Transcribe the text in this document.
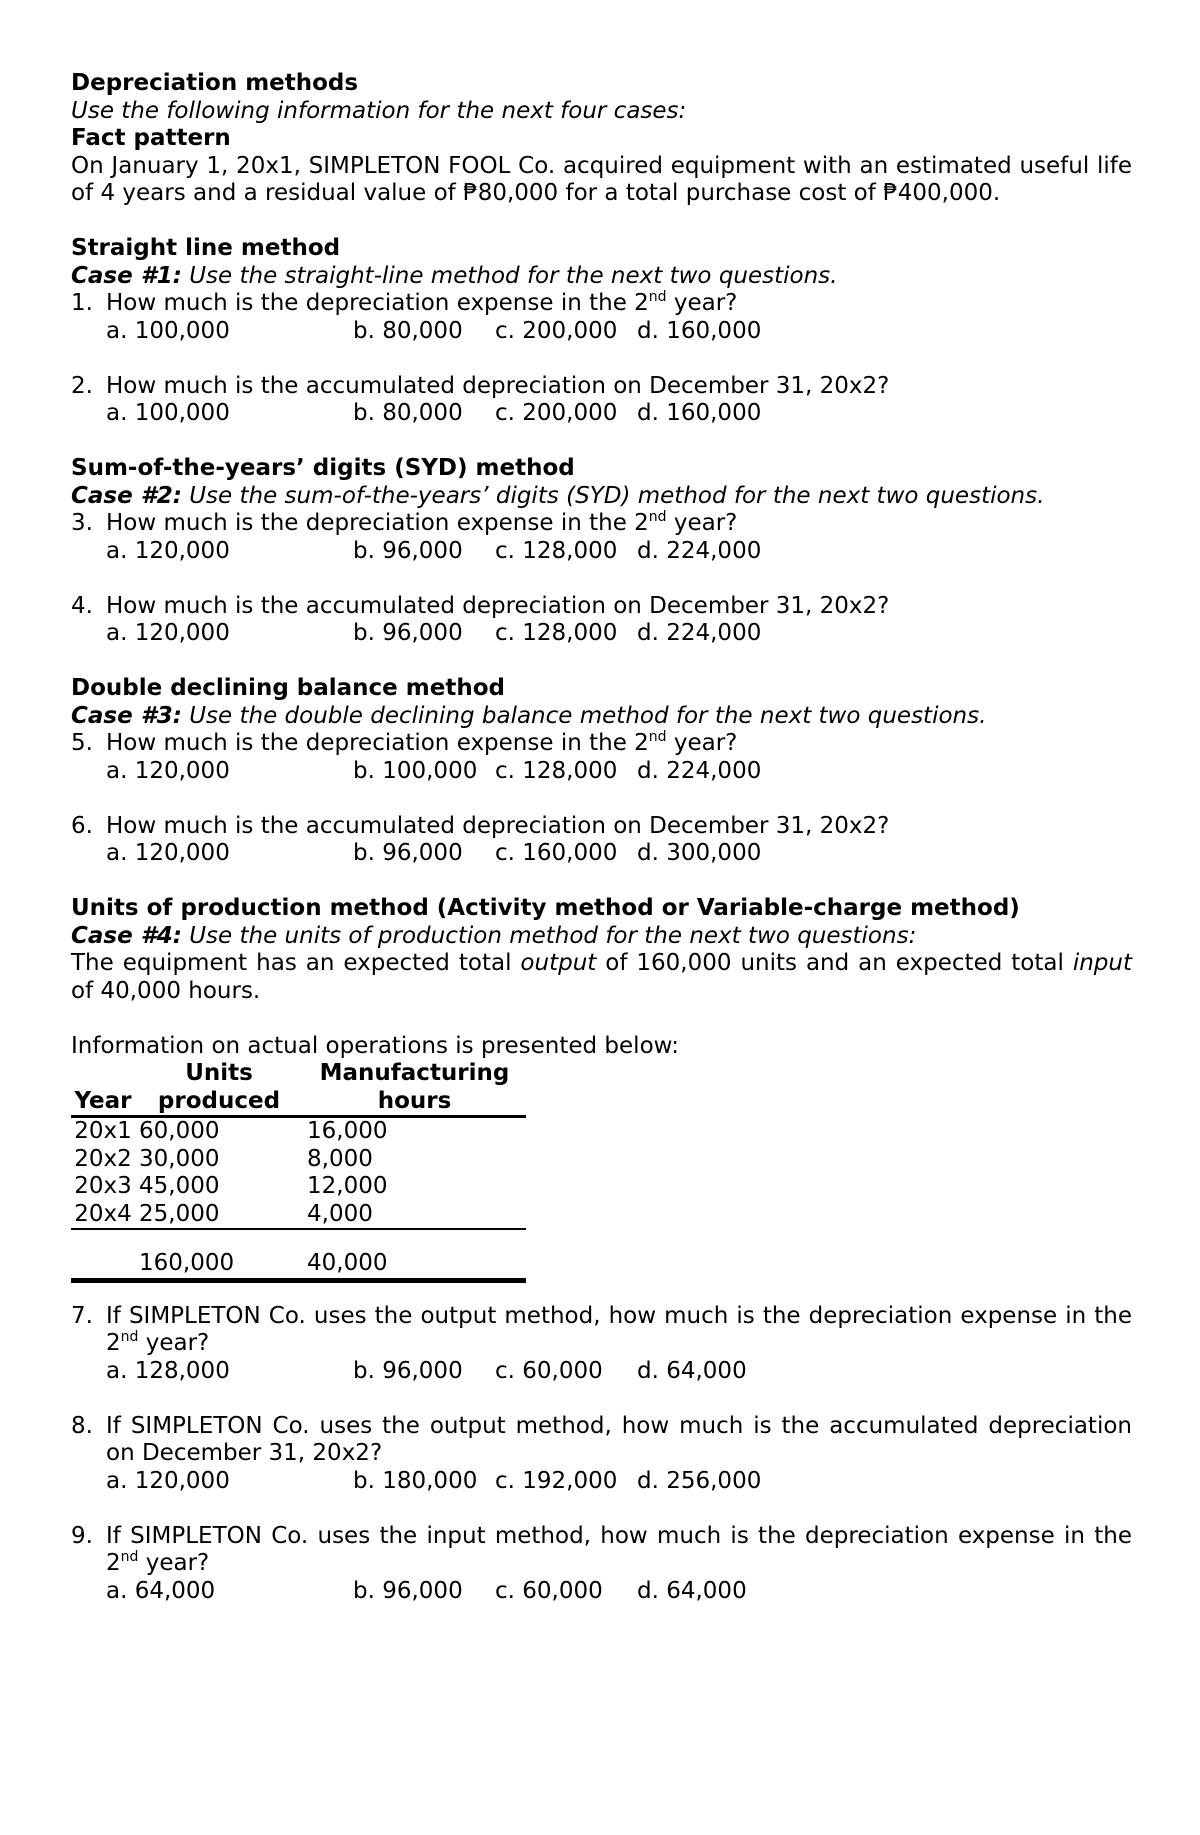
Depreciation methods
Use the following information for the next four cases:
Fact pattern
On January 1, 20x1, SIMPLETON FOOL Co. acquired equipment with an estimated useful life of 4 years and a residual value of ₱80,000 for a total purchase cost of ₱400,000.
Straight line method
Case #1: Use the straight-line method for the next two questions.
1. How much is the depreciation expense in the 2nd year?
a. 100,000	b. 80,000 c. 200,000 d. 160,000
2. How much is the accumulated depreciation on December 31, 20x2?
a. 100,000	b. 80,000 c. 200,000 d. 160,000
Sum-of-the-years’ digits (SYD) method
Case #2: Use the sum-of-the-years’ digits (SYD) method for the next two questions.
3. How much is the depreciation expense in the 2nd year?
a. 120,000	b. 96,000 c. 128,000 d. 224,000
4. How much is the accumulated depreciation on December 31, 20x2?
a. 120,000	b. 96,000 c. 128,000 d. 224,000
Double declining balance method
Case #3: Use the double declining balance method for the next two questions.
5. How much is the depreciation expense in the 2nd year?
a. 120,000	b. 100,000 c. 128,000 d. 224,000
6. How much is the accumulated depreciation on December 31, 20x2?
a. 120,000	b. 96,000 c. 160,000 d. 300,000
Units of production method (Activity method or Variable-charge method)
Case #4: Use the units of production method for the next two questions:
The equipment has an expected total output of 160,000 units and an expected total input of 40,000 hours.
Information on actual operations is presented below:
Year	Units produced	Manufacturing hours
20x1	60,000	16,000
20x2	30,000	8,000
20x3	45,000	12,000
20x4	25,000	4,000
	160,000	40,000
7. If SIMPLETON Co. uses the output method, how much is the depreciation expense in the 2nd year?
a. 128,000	b. 96,000 c. 60,000 d. 64,000
8. If SIMPLETON Co. uses the output method, how much is the accumulated depreciation on December 31, 20x2?
a. 120,000	b. 180,000 c. 192,000 d. 256,000
9. If SIMPLETON Co. uses the input method, how much is the depreciation expense in the 2nd year?
a. 64,000	b. 96,000 c. 60,000 d. 64,000
